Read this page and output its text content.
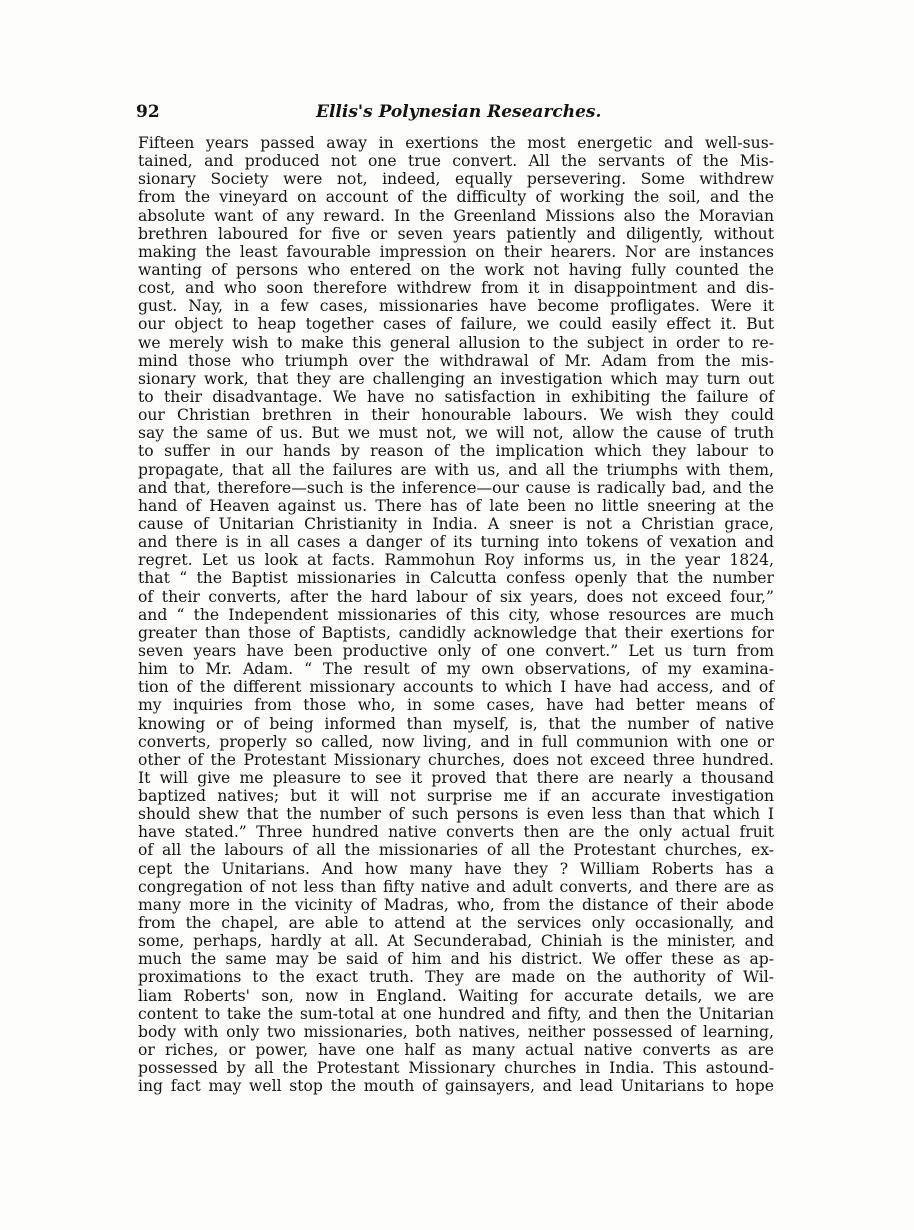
92	Ellis's Polynesian Researches.
Fifteen years passed away in exertions the most energetic and well-sus-
tained, and produced not one true convert. All the servants of the Mis-
sionary Society were not, indeed, equally persevering. Some withdrew
from the vineyard on account of the difficulty of working the soil, and the
absolute want of any reward. In the Greenland Missions also the Moravian
brethren laboured for five or seven years patiently and diligently, without
making the least favourable impression on their hearers. Nor are instances
wanting of persons who entered on the work not having fully counted the
cost, and who soon therefore withdrew from it in disappointment and dis-
gust. Nay, in a few cases, missionaries have become profligates. Were it
our object to heap together cases of failure, we could easily effect it. But
we merely wish to make this general allusion to the subject in order to re-
mind those who triumph over the withdrawal of Mr. Adam from the mis-
sionary work, that they are challenging an investigation which may turn out
to their disadvantage. We have no satisfaction in exhibiting the failure of
our Christian brethren in their honourable labours. We wish they could
say the same of us. But we must not, we will not, allow the cause of truth
to suffer in our hands by reason of the implication which they labour to
propagate, that all the failures are with us, and all the triumphs with them,
and that, therefore—such is the inference—our cause is radically bad, and the
hand of Heaven against us. There has of late been no little sneering at the
cause of Unitarian Christianity in India. A sneer is not a Christian grace,
and there is in all cases a danger of its turning into tokens of vexation and
regret. Let us look at facts. Rammohun Roy informs us, in the year 1824,
that “ the Baptist missionaries in Calcutta confess openly that the number
of their converts, after the hard labour of six years, does not exceed four,”
and “ the Independent missionaries of this city, whose resources are much
greater than those of Baptists, candidly acknowledge that their exertions for
seven years have been productive only of one convert.” Let us turn from
him to Mr. Adam. “ The result of my own observations, of my examina-
tion of the different missionary accounts to which I have had access, and of
my inquiries from those who, in some cases, have had better means of
knowing or of being informed than myself, is, that the number of native
converts, properly so called, now living, and in full communion with one or
other of the Protestant Missionary churches, does not exceed three hundred.
It will give me pleasure to see it proved that there are nearly a thousand
baptized natives; but it will not surprise me if an accurate investigation
should shew that the number of such persons is even less than that which I
have stated.” Three hundred native converts then are the only actual fruit
of all the labours of all the missionaries of all the Protestant churches, ex-
cept the Unitarians. And how many have they ? William Roberts has a
congregation of not less than fifty native and adult converts, and there are as
many more in the vicinity of Madras, who, from the distance of their abode
from the chapel, are able to attend at the services only occasionally, and
some, perhaps, hardly at all. At Secunderabad, Chiniah is the minister, and
much the same may be said of him and his district. We offer these as ap-
proximations to the exact truth. They are made on the authority of Wil-
liam Roberts' son, now in England. Waiting for accurate details, we are
content to take the sum-total at one hundred and fifty, and then the Unitarian
body with only two missionaries, both natives, neither possessed of learning,
or riches, or power, have one half as many actual native converts as are
possessed by all the Protestant Missionary churches in India. This astound-
ing fact may well stop the mouth of gainsayers, and lead Unitarians to hope
